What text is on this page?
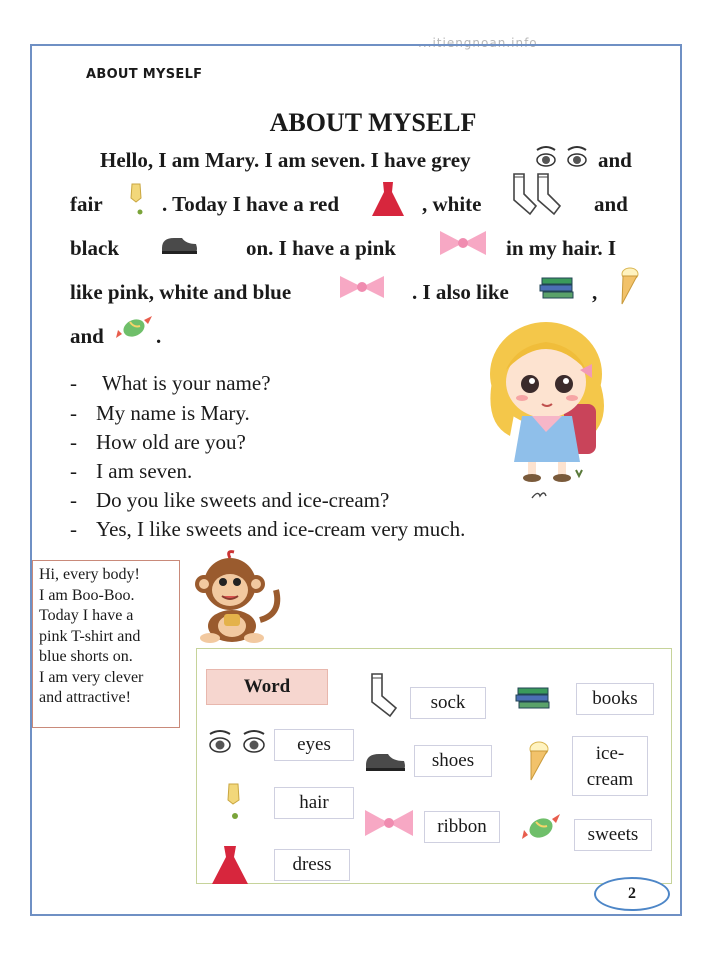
...itiengnoan.info
ABOUT MYSELF
ABOUT MYSELF
Hello, I am Mary. I am seven. I have grey	and
fair	. Today I have a red	, white	and
black	on. I have a pink	in my hair. I
like pink, white and blue	. I also like	,
and .
- What is your name?
- My name is Mary.
- How old are you?
- I am seven.
- Do you like sweets and ice-cream?
- Yes, I like sweets and ice-cream very much.
Hi, every body!
I am Boo-Boo.
Today I have a
pink T-shirt and
blue shorts on.
I am very clever
and attractive!
Word
eyes
hair
dress
sock
shoes
ribbon
books
ice-
cream
sweets
2
